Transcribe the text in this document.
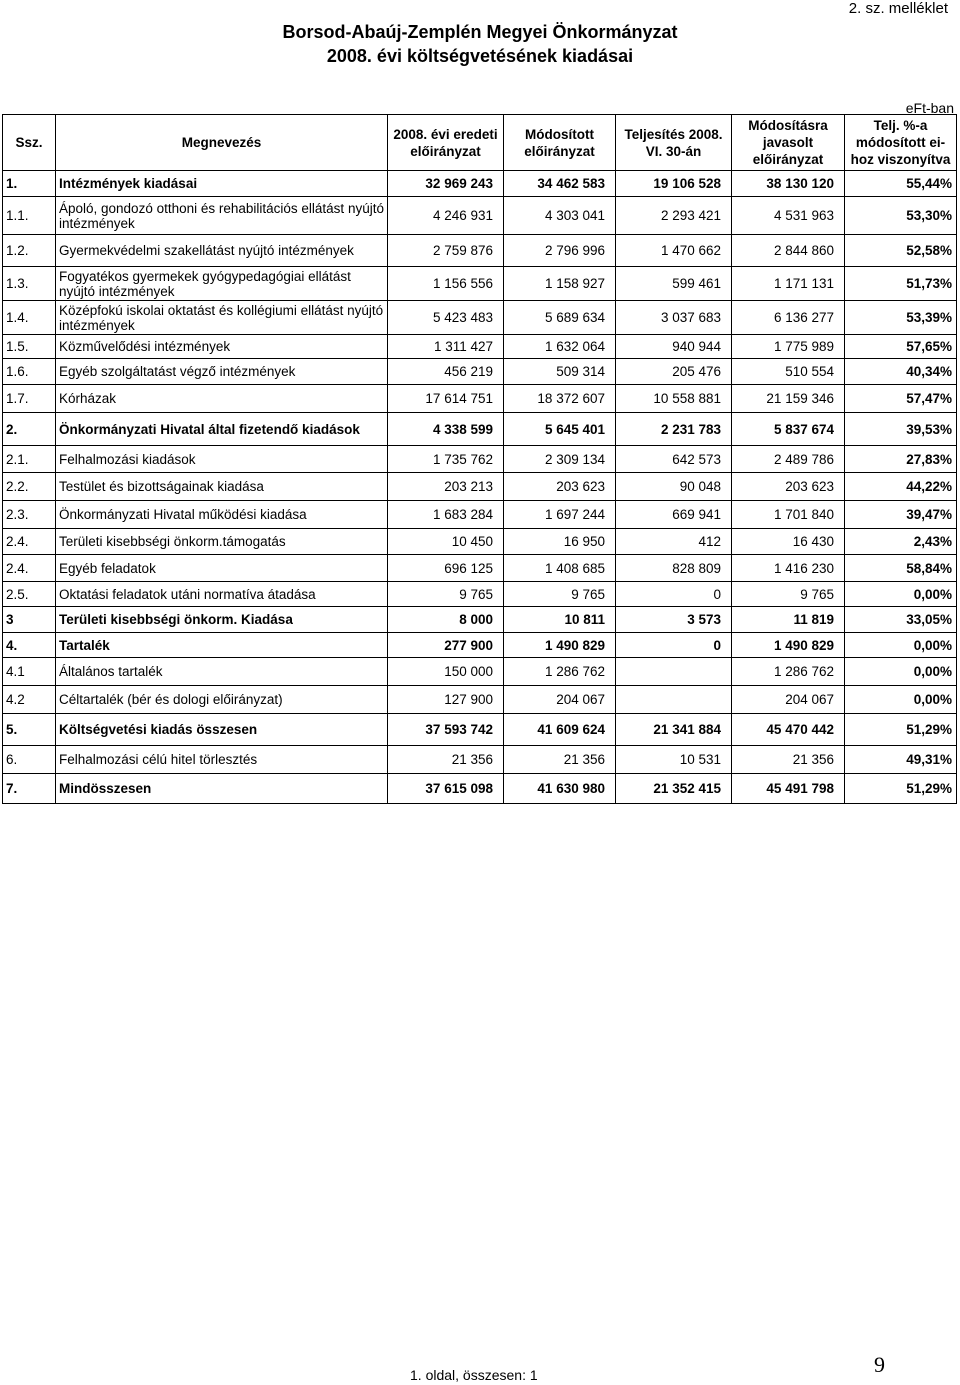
Borsod-Abaúj-Zemplén Megyei Önkormányzat
2008. évi költségvetésének kiadásai
2. sz. melléklet
eFt-ban
Ssz.	Megnevezés	2008. évi eredeti előirányzat	Módosított előirányzat	Teljesítés 2008. VI. 30-án	Módosításra javasolt előirányzat	Telj. %-a módosított ei-hoz viszonyítva
1.	Intézmények kiadásai	32 969 243	34 462 583	19 106 528	38 130 120	55,44%
1.1.	Ápoló, gondozó otthoni és rehabilitációs ellátást nyújtó intézmények	4 246 931	4 303 041	2 293 421	4 531 963	53,30%
1.2.	Gyermekvédelmi szakellátást nyújtó intézmények	2 759 876	2 796 996	1 470 662	2 844 860	52,58%
1.3.	Fogyatékos gyermekek gyógypedagógiai ellátást nyújtó intézmények	1 156 556	1 158 927	599 461	1 171 131	51,73%
1.4.	Középfokú iskolai oktatást és kollégiumi ellátást nyújtó intézmények	5 423 483	5 689 634	3 037 683	6 136 277	53,39%
1.5.	Közművelődési intézmények	1 311 427	1 632 064	940 944	1 775 989	57,65%
1.6.	Egyéb szolgáltatást végző intézmények	456 219	509 314	205 476	510 554	40,34%
1.7.	Kórházak	17 614 751	18 372 607	10 558 881	21 159 346	57,47%
2.	Önkormányzati Hivatal által fizetendő kiadások	4 338 599	5 645 401	2 231 783	5 837 674	39,53%
2.1.	Felhalmozási kiadások	1 735 762	2 309 134	642 573	2 489 786	27,83%
2.2.	Testület és bizottságainak kiadása	203 213	203 623	90 048	203 623	44,22%
2.3.	Önkormányzati Hivatal működési kiadása	1 683 284	1 697 244	669 941	1 701 840	39,47%
2.4.	Területi kisebbségi önkorm.támogatás	10 450	16 950	412	16 430	2,43%
2.4.	Egyéb feladatok	696 125	1 408 685	828 809	1 416 230	58,84%
2.5.	Oktatási feladatok utáni normatíva átadása	9 765	9 765	0	9 765	0,00%
3	Területi kisebbségi önkorm. Kiadása	8 000	10 811	3 573	11 819	33,05%
4.	Tartalék	277 900	1 490 829	0	1 490 829	0,00%
4.1	Általános tartalék	150 000	1 286 762		1 286 762	0,00%
4.2	Céltartalék (bér és dologi előirányzat)	127 900	204 067		204 067	0,00%
5.	Költségvetési kiadás összesen	37 593 742	41 609 624	21 341 884	45 470 442	51,29%
6.	Felhalmozási célú hitel törlesztés	21 356	21 356	10 531	21 356	49,31%
7.	Mindösszesen	37 615 098	41 630 980	21 352 415	45 491 798	51,29%
1. oldal, összesen: 1	9
